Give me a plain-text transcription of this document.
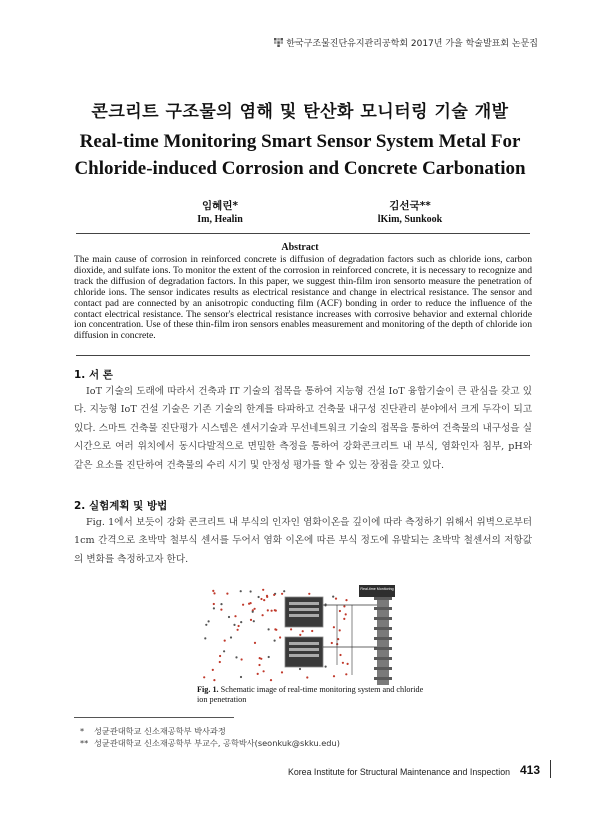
한국구조물진단유지관리공학회 2017년 가을 학술발표회 논문집
콘크리트 구조물의 염해 및 탄산화 모니터링 기술 개발
Real-time Monitoring Smart Sensor System Metal For Chloride-induced Corrosion and Concrete Carbonation
임혜린*
Im, Healin
김선국**
lKim, Sunkook
Abstract
The main cause of corrosion in reinforced concrete is diffusion of degradation factors such as chloride ions, carbon dioxide, and sulfate ions. To monitor the extent of the corrosion in reinforced concrete, it is necessary to recognize and track the diffusion of degradation factors. In this paper, we suggest thin-film iron sensorto measure the penetration of chloride ions. The sensor indicates results as electrical resistance and change in electrical resistance. The sensor and contact pad are connected by an anisotropic conducting film (ACF) bonding in order to reduce the influence of the contact electrical resistance. The sensor's electrical resistance increases with corrosive behavior and external chloride ion concentration. Use of these thin-film iron sensors enables measurement and monitoring of the depth of chloride ion diffusion in concrete.
1. 서 론
IoT 기술의 도래에 따라서 건축과 IT 기술의 접목을 통하여 지능형 건설 IoT 융합기술이 큰 관심을 갖고 있다. 지능형 IoT 건설 기술은 기존 기술의 한계를 타파하고 건축물 내구성 진단관리 분야에서 크게 두각이 되고 있다. 스마트 건축물 진단평가 시스템은 센서기술과 무선네트워크 기술의 접목을 통하여 건축물의 내구성을 실시간으로 여러 위치에서 동시다발적으로 면밀한 측정을 통하여 강화콘크리트 내 부식, 염화인자 침부, pH와 같은 요소를 진단하여 건축물의 수리 시기 및 안정성 평가를 할 수 있는 장점을 갖고 있다.
2. 실험계획 및 방법
Fig. 1에서 보듯이 강화 콘크리트 내 부식의 인자인 염화이온을 깊이에 따라 측정하기 위해서 위벽으로부터 1cm 간격으로 초박막 철부식 센서를 두어서 염화 이온에 따른 부식 정도에 유발되는 초박막 철센서의 저항값의 변화를 측정하고자 한다.
Real-time Monitoring
Fig. 1. Schematic image of real-time monitoring system and chloride ion penetration
* 성균관대학교 신소재공학부 박사과정
** 성균관대학교 신소재공학부 부교수, 공학박사(seonkuk@skku.edu)
Korea Institute for Structural Maintenance and Inspection 413
